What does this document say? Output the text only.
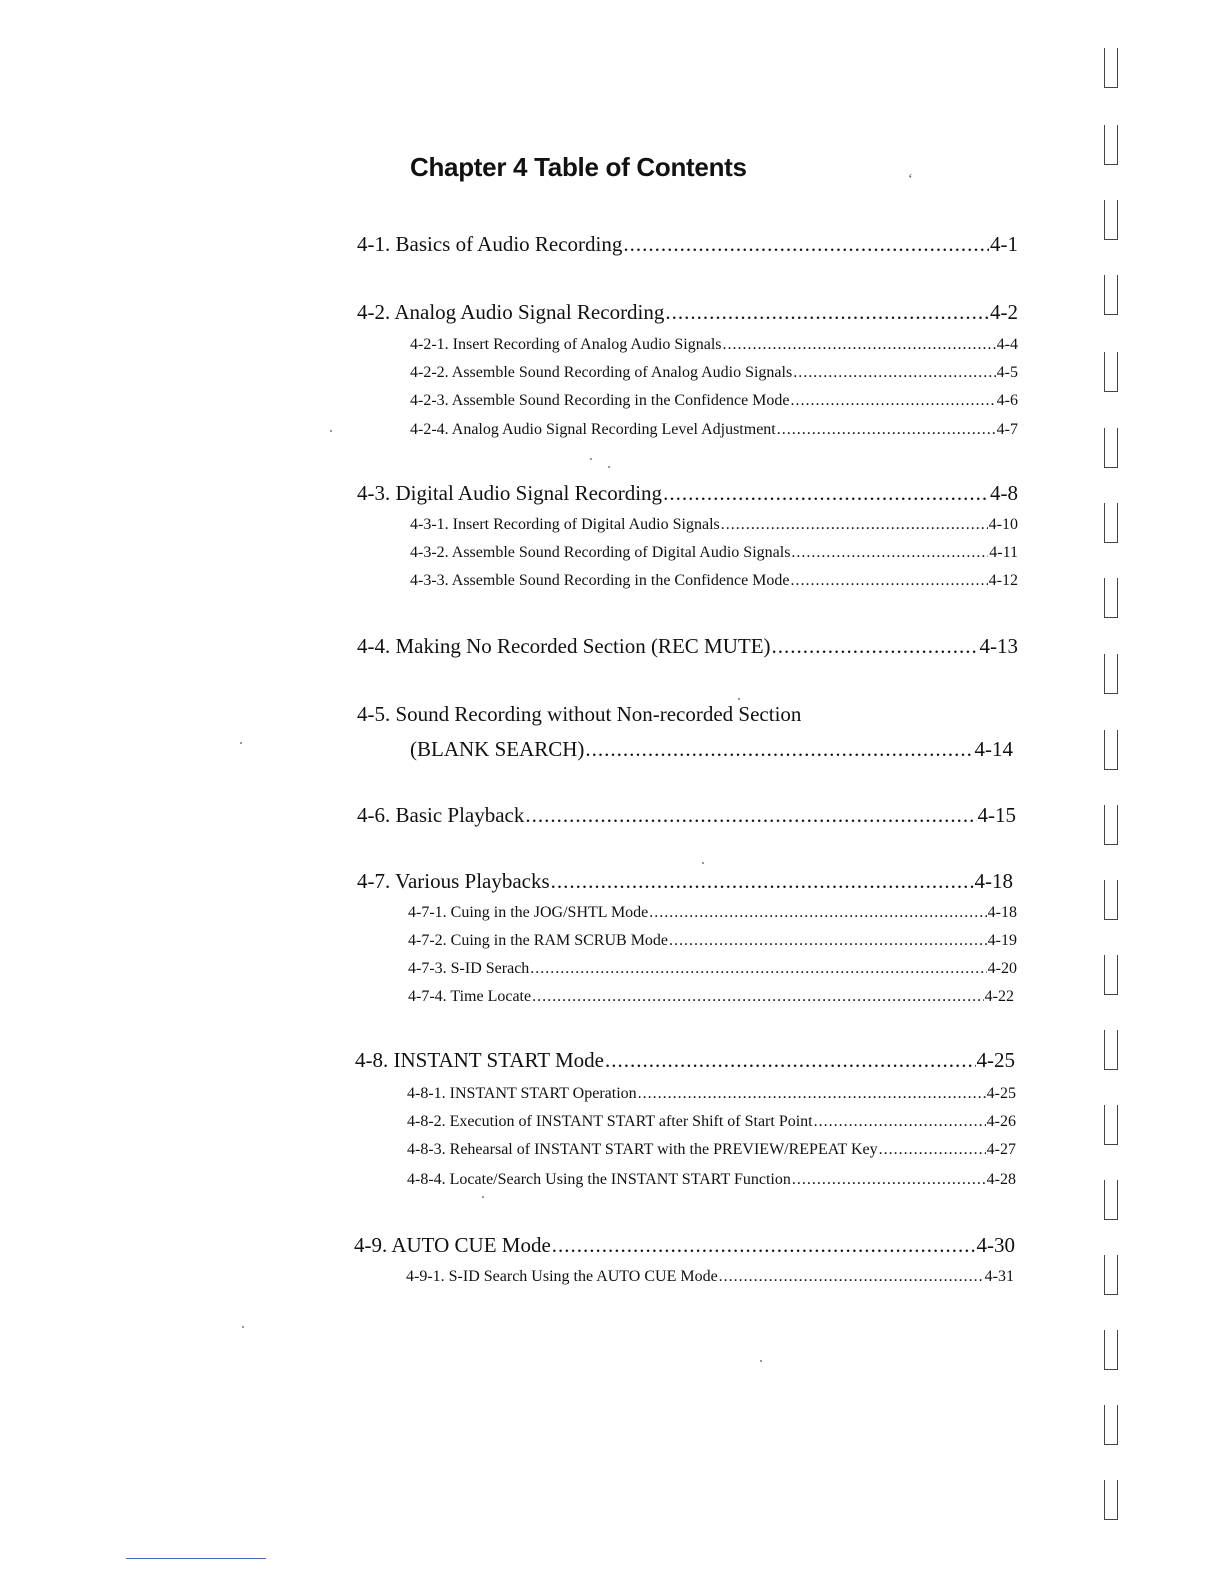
Chapter 4 Table of Contents	‘
4-1. Basics of Audio Recording .....	4-1
4-2. Analog Audio Signal Recording .....	4-2
4-2-1. Insert Recording of Analog Audio Signals .....	4-4
4-2-2. Assemble Sound Recording of Analog Audio Signals .....	4-5
4-2-3. Assemble Sound Recording in the Confidence Mode .....	4-6
4-2-4. Analog Audio Signal Recording Level Adjustment .....	4-7
4-3. Digital Audio Signal Recording .....	4-8
4-3-1. Insert Recording of Digital Audio Signals .....	4-10
4-3-2. Assemble Sound Recording of Digital Audio Signals .....	4-11
4-3-3. Assemble Sound Recording in the Confidence Mode .....	4-12
4-4. Making No Recorded Section (REC MUTE) .....	4-13
4-5. Sound Recording without Non-recorded Section
(BLANK SEARCH) .....	4-14
4-6. Basic Playback .....	4-15
4-7. Various Playbacks .....	4-18
4-7-1. Cuing in the JOG/SHTL Mode .....	4-18
4-7-2. Cuing in the RAM SCRUB Mode .....	4-19
4-7-3. S-ID Serach .....	4-20
4-7-4. Time Locate .....	4-22
4-8. INSTANT START Mode .....	4-25
4-8-1. INSTANT START Operation .....	4-25
4-8-2. Execution of INSTANT START after Shift of Start Point .....	4-26
4-8-3. Rehearsal of INSTANT START with the PREVIEW/REPEAT Key .....	4-27
4-8-4. Locate/Search Using the INSTANT START Function .....	4-28
4-9. AUTO CUE Mode .....	4-30
4-9-1. S-ID Search Using the AUTO CUE Mode .....	4-31
